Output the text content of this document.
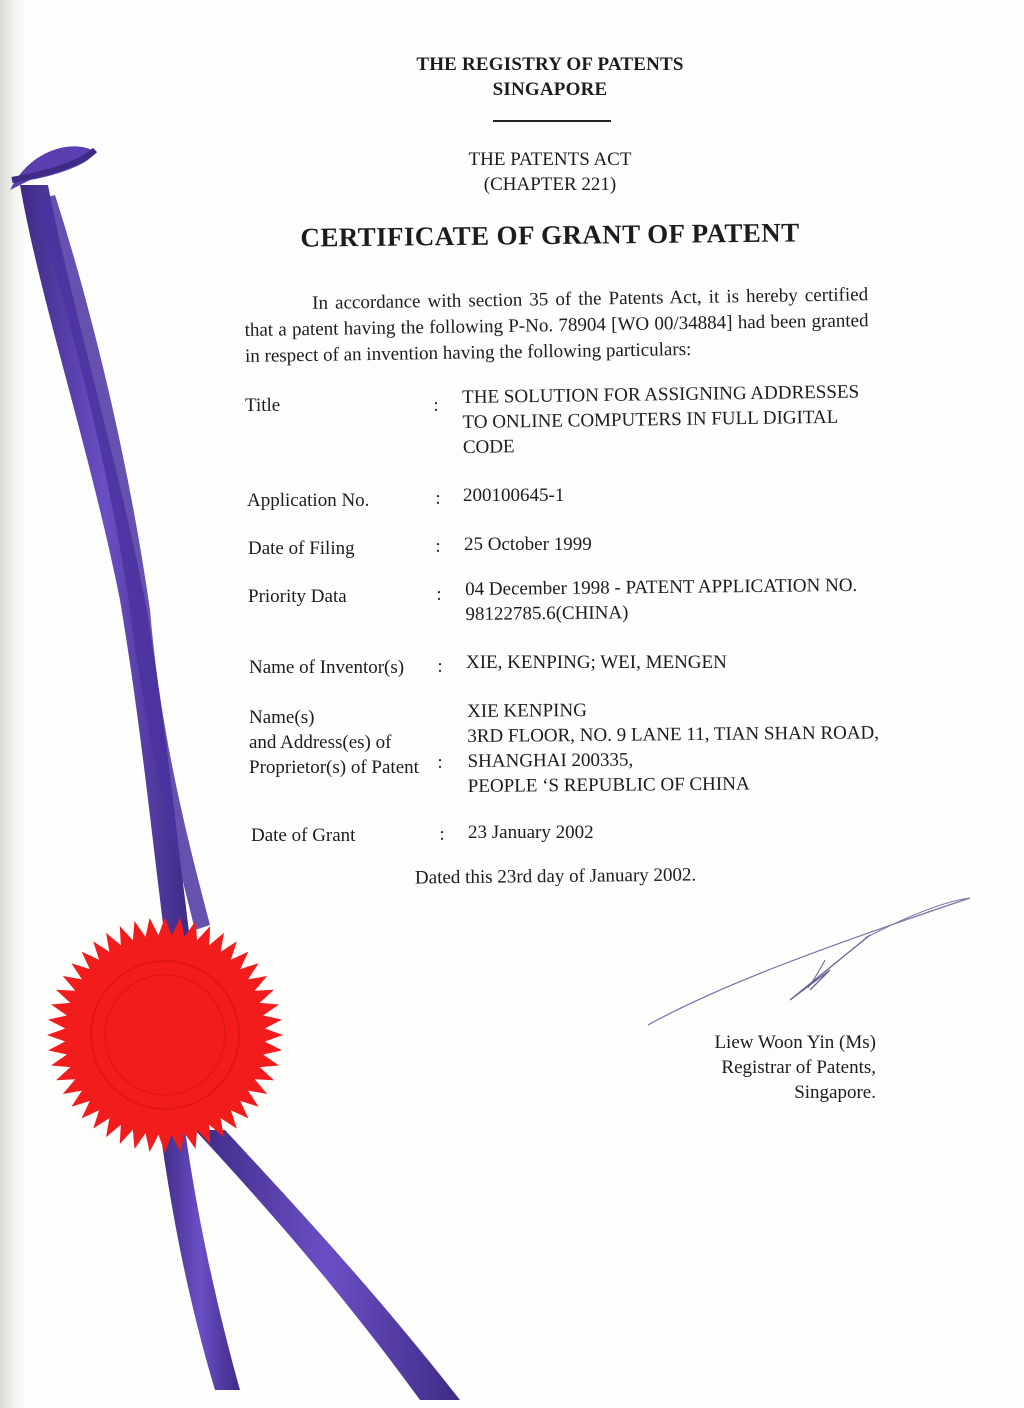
THE REGISTRY OF PATENTS
SINGAPORE
THE PATENTS ACT
(CHAPTER 221)
CERTIFICATE OF GRANT OF PATENT
In accordance with section 35 of the Patents Act, it is hereby certified that a patent having the following P-No. 78904 [WO 00/34884] had been granted in respect of an invention having the following particulars:
Title	: THE SOLUTION FOR ASSIGNING ADDRESSES
TO ONLINE COMPUTERS IN FULL DIGITAL
CODE
Application No.	: 200100645-1
Date of Filing	: 25 October 1999
Priority Data	: 04 December 1998 - PATENT APPLICATION NO.
98122785.6(CHINA)
Name of Inventor(s) : XIE, KENPING; WEI, MENGEN
Name(s)
and Address(es) of
Proprietor(s) of Patent :
XIE KENPING
3RD FLOOR, NO. 9 LANE 11, TIAN SHAN ROAD,
SHANGHAI 200335,
PEOPLE ‘S REPUBLIC OF CHINA
Date of Grant	: 23 January 2002
Dated this 23rd day of January 2002.
Liew Woon Yin (Ms)
Registrar of Patents,
Singapore.
